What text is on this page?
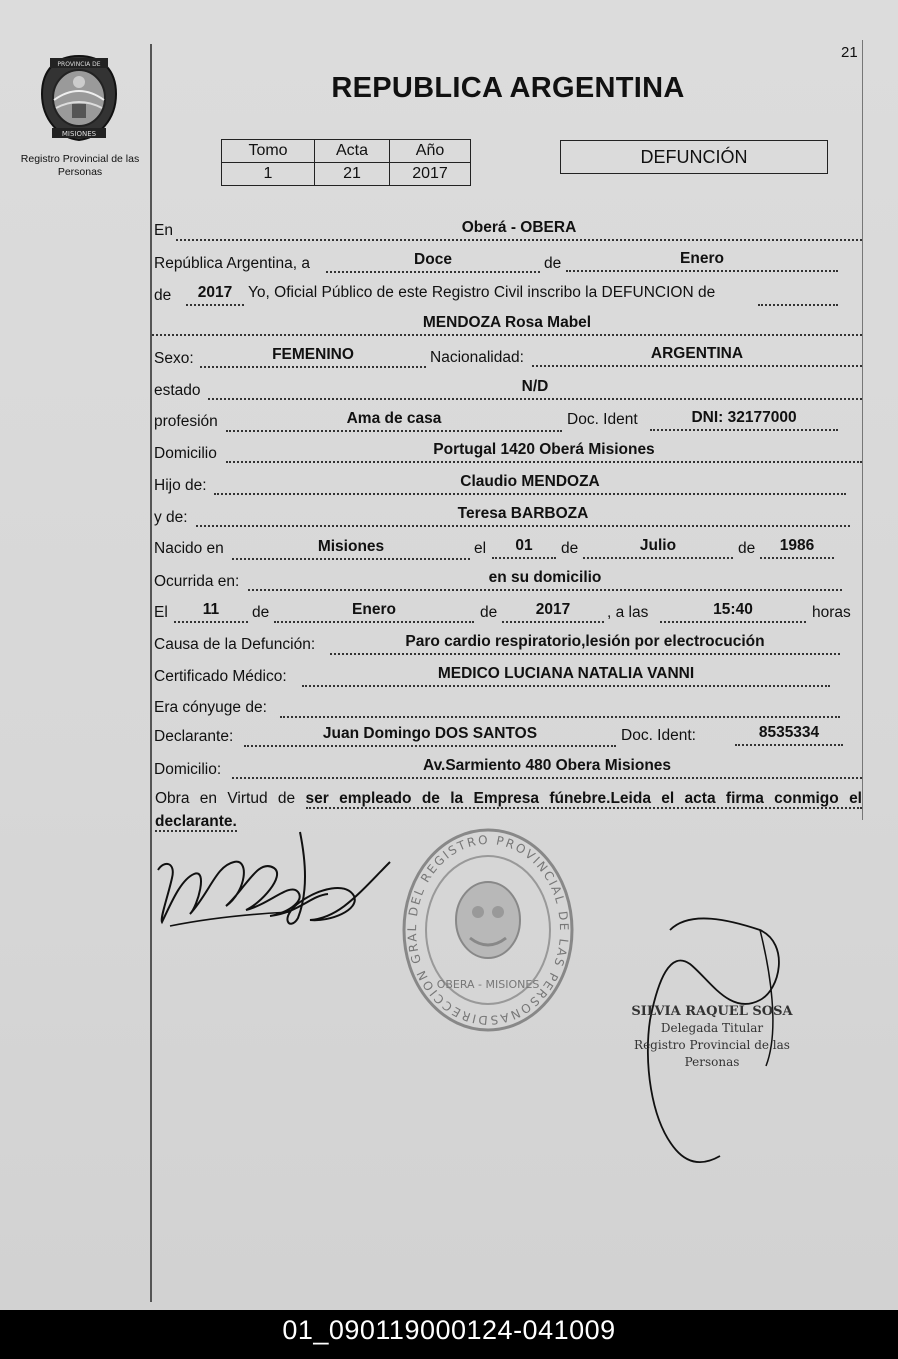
21
PROVINCIA DE
MISIONES
Registro Provincial de las Personas
REPUBLICA ARGENTINA
Tomo	Acta	Año
1	21	2017
DEFUNCIÓN
En	Oberá - OBERA
República Argentina, a	Doce	de	Enero
de	2017	Yo, Oficial Público de este Registro Civil inscribo la DEFUNCION de
MENDOZA Rosa Mabel
Sexo:	FEMENINO	Nacionalidad:	ARGENTINA
estado	N/D
profesión	Ama de casa	Doc. Ident	DNI: 32177000
Domicilio	Portugal 1420 Oberá Misiones
Hijo de:	Claudio MENDOZA
y de:	Teresa BARBOZA
Nacido en	Misiones	el	01	de	Julio	de	1986
Ocurrida en:	en su domicilio
El	11	de	Enero	de	2017	, a las	15:40	horas
Causa de la Defunción:	Paro cardio respiratorio,lesión por electrocución
Certificado Médico:	MEDICO LUCIANA NATALIA VANNI
Era cónyuge de:
Declarante:	Juan Domingo DOS SANTOS	Doc. Ident:	8535334
Domicilio:	Av.Sarmiento 480 Obera Misiones
Obra en Virtud de ser empleado de la Empresa fúnebre.Leida el acta firma conmigo el declarante.
DIRECCION GRAL DEL REGISTRO PROVINCIAL DE LAS PERSONAS
OBERA - MISIONES
SILVIA RAQUEL SOSA
Delegada Titular
Registro Provincial de las Personas
01_090119000124-041009
